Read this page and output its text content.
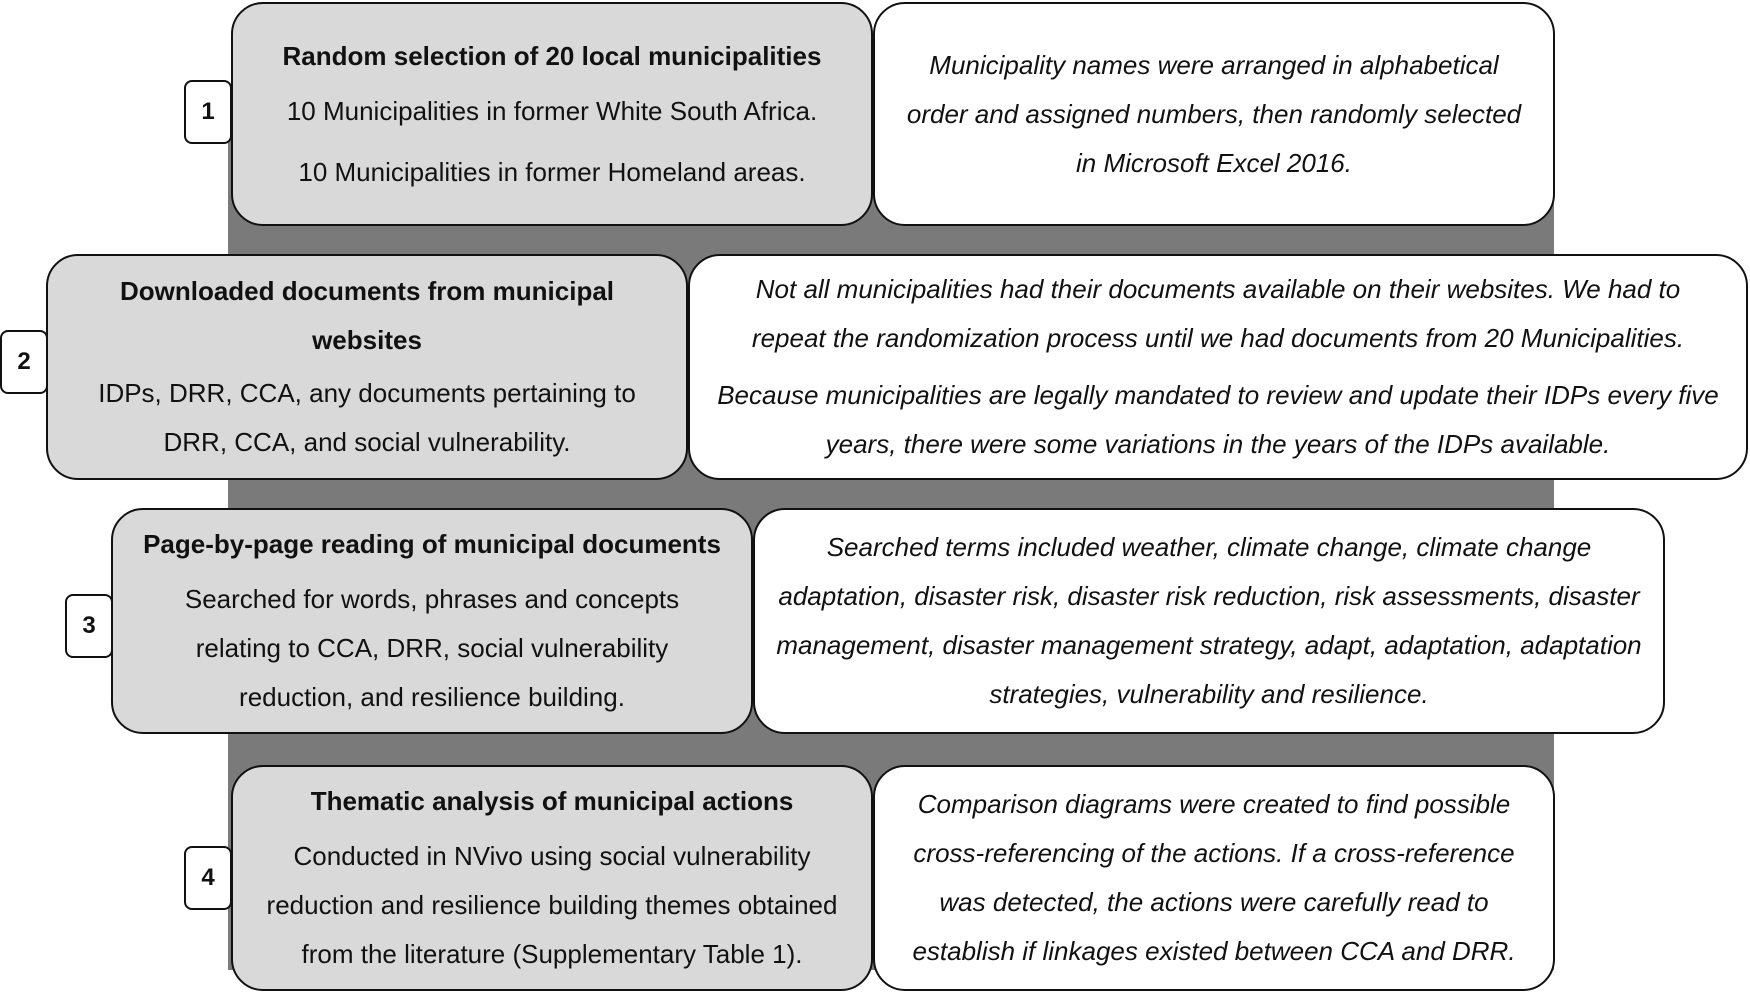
1
Random selection of 20 local municipalities
10 Municipalities in former White South Africa.
10 Municipalities in former Homeland areas.

Municipality names were arranged in alphabetical order and assigned numbers, then randomly selected in Microsoft Excel 2016.

2
Downloaded documents from municipal websites
IDPs, DRR, CCA, any documents pertaining to DRR, CCA, and social vulnerability.

Not all municipalities had their documents available on their websites. We had to repeat the randomization process until we had documents from 20 Municipalities.

Because municipalities are legally mandated to review and update their IDPs every five years, there were some variations in the years of the IDPs available.

3
Page-by-page reading of municipal documents
Searched for words, phrases and concepts relating to CCA, DRR, social vulnerability reduction, and resilience building.

Searched terms included weather, climate change, climate change adaptation, disaster risk, disaster risk reduction, risk assessments, disaster management, disaster management strategy, adapt, adaptation, adaptation strategies, vulnerability and resilience.

4
Thematic analysis of municipal actions
Conducted in NVivo using social vulnerability reduction and resilience building themes obtained from the literature (Supplementary Table 1).

Comparison diagrams were created to find possible cross-referencing of the actions. If a cross-reference was detected, the actions were carefully read to establish if linkages existed between CCA and DRR.
